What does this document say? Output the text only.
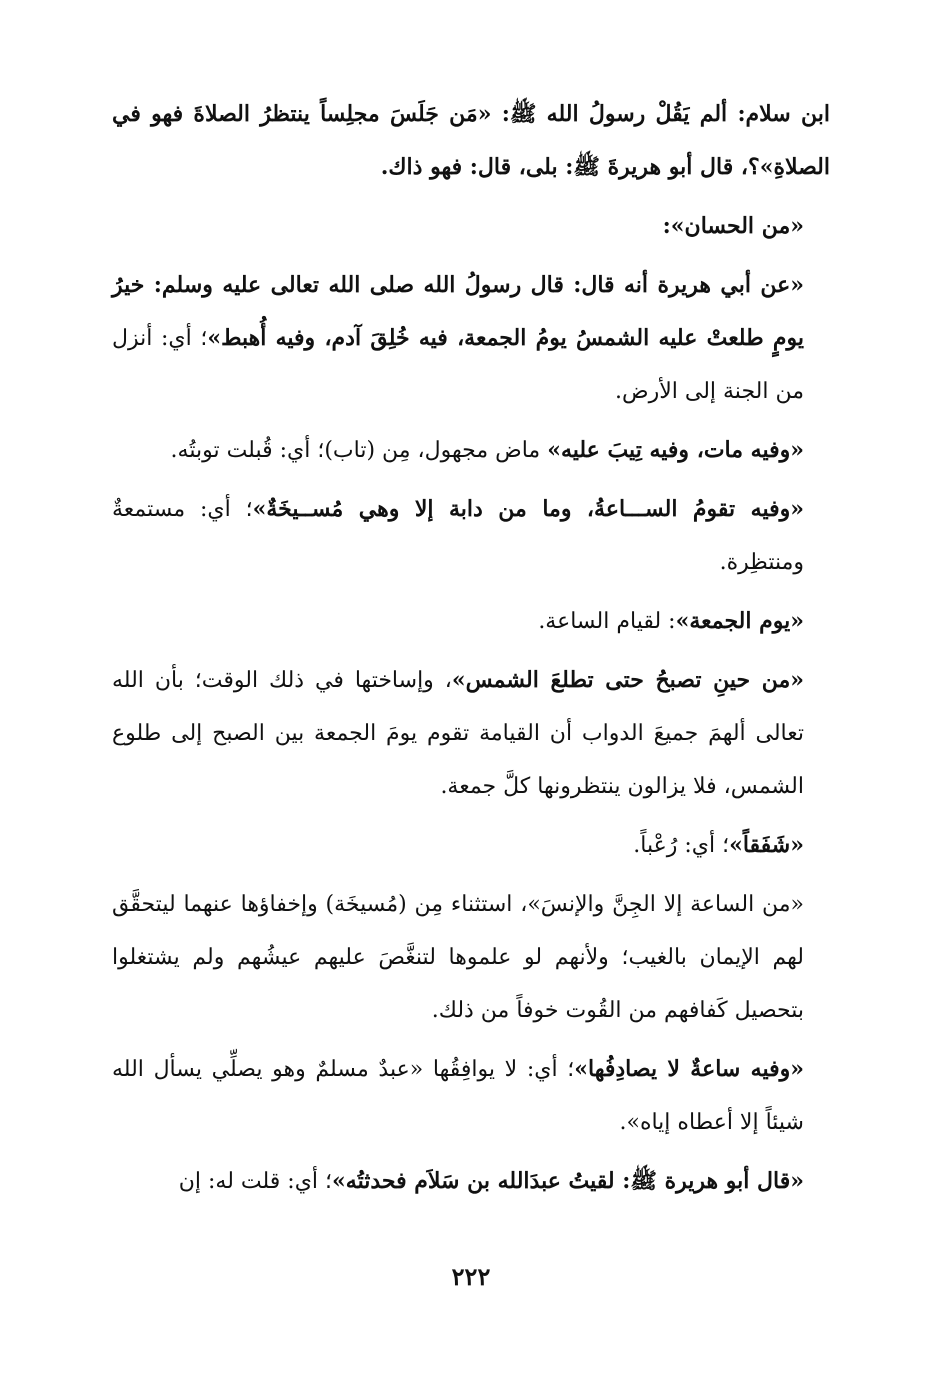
ابن سلام: ألم يَقُلْ رسولُ الله ﷺ: «مَن جَلَسَ مجلِساً ينتظرُ الصلاةَ فهو في الصلاةِ»؟، قال أبو هريرةَ ﷺ: بلى، قال: فهو ذاك.

«من الحسان»:

«عن أبي هريرة أنه قال: قال رسولُ الله صلى الله تعالى عليه وسلم: خيرُ يومٍ طلعتْ عليه الشمسُ يومُ الجمعة، فيه خُلِقَ آدم، وفيه أُهبط»؛ أي: أنزل من الجنة إلى الأرض.

«وفيه مات، وفيه تِيبَ عليه» ماض مجهول، مِن (تاب)؛ أي: قُبلت توبتُه.

«وفيه تقومُ الســـاعةُ، وما من دابة إلا وهي مُســيخَةٌ»؛ أي: مستمعةٌ ومنتظِرة.

«يوم الجمعة»: لقيام الساعة.

«من حينِ تصبحُ حتى تطلعَ الشمس»، وإساختها في ذلك الوقت؛ بأن الله تعالى ألهمَ جميعَ الدواب أن القيامة تقوم يومَ الجمعة بين الصبح إلى طلوع الشمس، فلا يزالون ينتظرونها كلَّ جمعة.

«شَفَقاً»؛ أي: رُعْباً.

«من الساعة إلا الجِنَّ والإنسَ»، استثناء مِن (مُسيخَة) وإخفاؤها عنهما ليتحقَّق لهم الإيمان بالغيب؛ ولأنهم لو علموها لتنغَّصَ عليهم عيشُهم ولم يشتغلوا بتحصيل كَفافهم من القُوت خوفاً من ذلك.

«وفيه ساعةٌ لا يصادِفُها»؛ أي: لا يوافِقُها «عبدٌ مسلمٌ وهو يصلِّي يسأل الله شيئاً إلا أعطاه إياه».

«قال أبو هريرة ﷺ: لقيتُ عبدَالله بن سَلاَم فحدثتُه»؛ أي: قلت له: إن

٢٢٢
